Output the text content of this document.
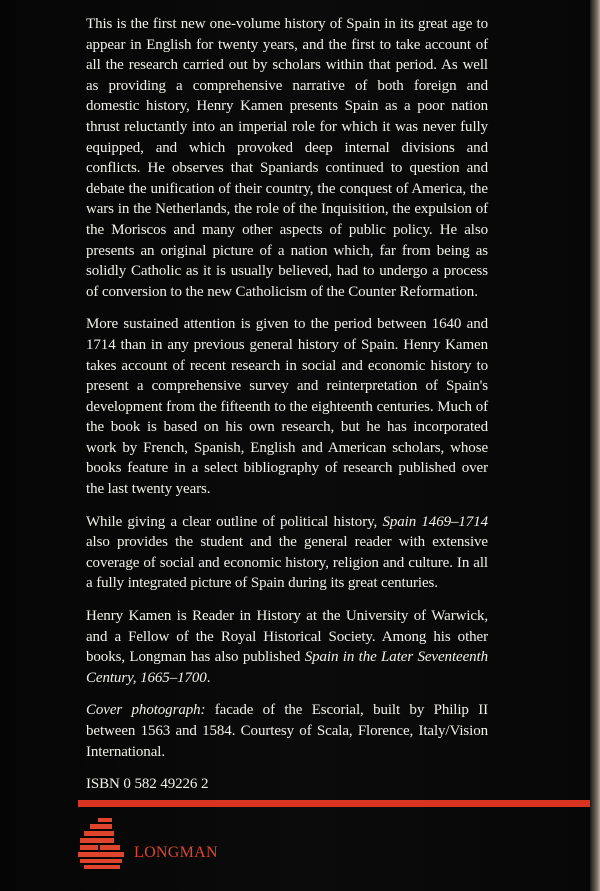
This is the first new one-volume history of Spain in its great age to appear in English for twenty years, and the first to take account of all the research carried out by scholars within that period. As well as providing a comprehensive narrative of both foreign and domestic history, Henry Kamen presents Spain as a poor nation thrust reluctantly into an imperial role for which it was never fully equipped, and which provoked deep internal divisions and conflicts. He observes that Spaniards continued to question and debate the unification of their country, the conquest of America, the wars in the Netherlands, the role of the Inquisition, the expulsion of the Moriscos and many other aspects of public policy. He also presents an original picture of a nation which, far from being as solidly Catholic as it is usually believed, had to undergo a process of conversion to the new Catholicism of the Counter Reformation.

More sustained attention is given to the period between 1640 and 1714 than in any previous general history of Spain. Henry Kamen takes account of recent research in social and economic history to present a comprehensive survey and reinterpretation of Spain's development from the fifteenth to the eighteenth centuries. Much of the book is based on his own research, but he has incorporated work by French, Spanish, English and American scholars, whose books feature in a select bibliography of research published over the last twenty years.

While giving a clear outline of political history, Spain 1469–1714 also provides the student and the general reader with extensive coverage of social and economic history, religion and culture. In all a fully integrated picture of Spain during its great centuries.

Henry Kamen is Reader in History at the University of Warwick, and a Fellow of the Royal Historical Society. Among his other books, Longman has also published Spain in the Later Seventeenth Century, 1665–1700.

Cover photograph: facade of the Escorial, built by Philip II between 1563 and 1584. Courtesy of Scala, Florence, Italy/Vision International.

ISBN 0 582 49226 2

LONGMAN
